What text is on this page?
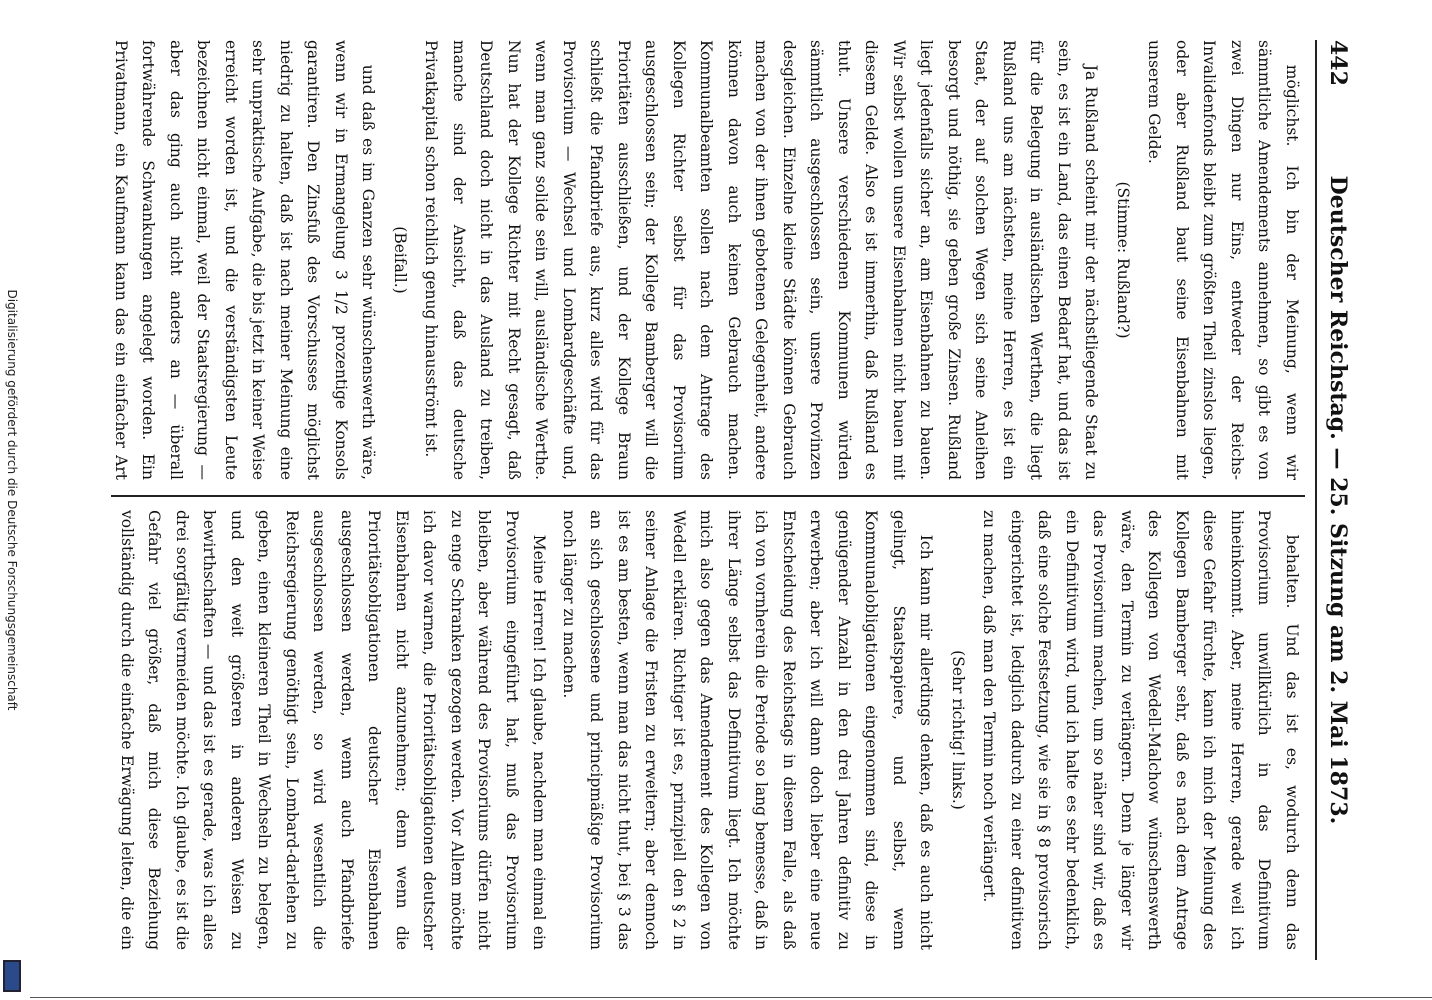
442
Deutscher Reichstag. — 25. Sitzung am 2. Mai 1873.

möglichst. Ich bin der Meinung, wenn wir sämmtliche Amendements annehmen, so gibt es von zwei Dingen nur Eins, entweder der Reichs-Invalidenfonds bleibt zum größten Theil zinslos liegen, oder aber Rußland baut seine Eisenbahnen mit unserem Gelde.

(Stimme: Rußland?)

Ja Rußland scheint mir der nächstliegende Staat zu sein, es ist ein Land, das einen Bedarf hat, und das ist für die Belegung in ausländischen Werthen, die liegt Rußland uns am nächsten, meine Herren, es ist ein Staat, der auf solchen Wegen sich seine Anleihen besorgt und nöthig, sie geben große Zinsen. Rußland liegt jedenfalls sicher an, am Eisenbahnen zu bauen. Wir selbst wollen unsere Eisenbahnen nicht bauen mit diesem Gelde. Also es ist immerhin, daß Rußland es thut. Unsere verschiedenen Kommunen würden sämmtlich ausgeschlossen sein, unsere Provinzen desgleichen. Einzelne kleine Städte können Gebrauch machen von der ihnen gebotenen Gelegenheit, andere können davon auch keinen Gebrauch machen. Kommunalbeamten sollen nach dem Antrage des Kollegen Richter selbst für das Provisorium ausgeschlossen sein; der Kollege Bamberger will die Prioritäten ausschließen, und der Kollege Braun schließt die Pfandbriefe aus, kurz alles wird für das Provisorium — Wechsel und Lombardgeschäfte und, wenn man ganz solide sein will, ausländische Werthe. Nun hat der Kollege Richter mit Recht gesagt, daß Deutschland doch nicht in das Ausland zu treiben, manche sind der Ansicht, daß das deutsche Privatkapital schon reichlich genug hinausströmt ist.

(Beifall.)

und daß es im Ganzen sehr wünschenswerth wäre, wenn wir in Ermangelung 3 1/2 prozentige Konsols garantiren. Den Zinsfuß des Vorschusses möglichst niedrig zu halten, daß ist nach meiner Meinung eine sehr unpraktische Aufgabe, die bis jetzt in keiner Weise erreicht worden ist, und die verständigsten Leute bezeichnen nicht einmal, weil der Staatsregierung — aber das ging auch nicht anders an — überall fortwährende Schwankungen angelegt worden. Ein Privatmann, ein Kaufmann kann das ein einfacher Art

behalten. Und das ist es, wodurch denn das Provisorium unwillkürlich in das Definitivum hineinkommt. Aber, meine Herren, gerade weil ich diese Gefahr fürchte, kann ich mich der Meinung des Kollegen Bamberger sehr, daß es nach dem Antrage des Kollegen von Wedell-Malchow wünschenswerth wäre, den Termin zu verlängern. Denn je länger wir das Provisorium machen, um so näher sind wir, daß es ein Definitivum wird, und ich halte es sehr bedenklich, daß eine solche Festsetzung, wie sie in § 8 provisorisch eingerichtet ist, lediglich dadurch zu einer definitiven zu machen, daß man den Termin noch verlängert.

(Sehr richtig! links.)

Ich kann mir allerdings denken, daß es auch nicht gelingt, Staatspapiere, und selbst, wenn Kommunalobligationen eingenommen sind, diese in genügender Anzahl in den drei Jahren definitiv zu erwerben; aber ich will dann doch lieber eine neue Entscheidung des Reichstags in diesem Falle, als daß ich von vornherein die Periode so lang bemesse, daß in ihrer Länge selbst das Definitivum liegt. Ich möchte mich also gegen das Amendement des Kollegen von Wedell erklären. Richtiger ist es, prinzipiell den § 2 in seiner Anlage die Fristen zu erweitern; aber dennoch ist es am besten, wenn man das nicht thut, bei § 3 das an sich geschlossene und principmäßige Provisorium noch länger zu machen.

Meine Herren! Ich glaube, nachdem man einmal ein Provisorium eingeführt hat, muß das Provisorium bleiben, aber während des Provisoriums dürfen nicht zu enge Schranken gezogen werden. Vor Allem möchte ich davor warnen, die Prioritätsobligationen deutscher Eisenbahnen nicht anzunehmen; denn wenn die Prioritätsobligationen deutscher Eisenbahnen ausgeschlossen werden, wenn auch Pfandbriefe ausgeschlossen werden, so wird wesentlich die Reichsregierung genöthigt sein, Lombard-darlehen zu geben, einen kleineren Theil in Wechseln zu belegen, und den weit größeren in anderen Weisen zu bewirthschaften — und das ist es gerade, was ich alles drei sorgfältig vermeiden möchte. Ich glaube, es ist die Gefahr viel größer, daß mich diese Beziehung vollständig durch die einfache Erwägung leiten, die ein

Digitalisierung gefördert durch die Deutsche Forschungsgemeinschaft
